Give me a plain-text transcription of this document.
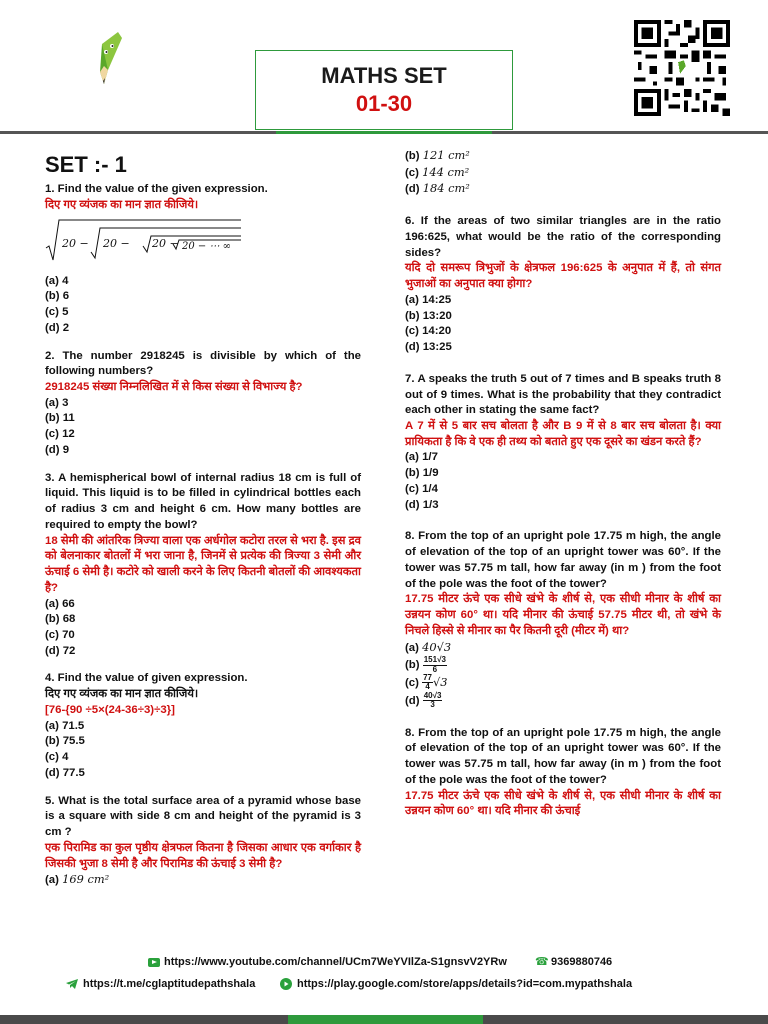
MATHS SET
01-30
SET :- 1
1. Find the value of the given expression.
दिए गए व्यंजक का मान ज्ञात कीजिये।
20 − 20 − 20 − 20 − ⋯ ∞
(a) 4
(b) 6
(c) 5
(d) 2
2. The number 2918245 is divisible by which of the following numbers?
2918245 संख्या निम्नलिखित में से किस संख्या से विभाज्य है?
(a) 3
(b) 11
(c) 12
(d) 9
3. A hemispherical bowl of internal radius 18 cm is full of liquid. This liquid is to be filled in cylindrical bottles each of radius 3 cm and height 6 cm. How many bottles are required to empty the bowl?
18 सेमी की आंतरिक त्रिज्या वाला एक अर्धगोल कटोरा तरल से भरा है. इस द्रव को बेलनाकार बोतलों में भरा जाना है, जिनमें से प्रत्येक की त्रिज्या 3 सेमी और ऊंचाई 6 सेमी है। कटोरे को खाली करने के लिए कितनी बोतलों की आवश्यकता है?
(a) 66
(b) 68
(c) 70
(d) 72
4. Find the value of given expression.
दिए गए व्यंजक का मान ज्ञात कीजिये।
[76-{90 ÷5×(24-36÷3)÷3}]
(a) 71.5
(b) 75.5
(c) 4
(d) 77.5
5. What is the total surface area of a pyramid whose base is a square with side 8 cm and height of the pyramid is 3 cm ?
एक पिरामिड का कुल पृष्ठीय क्षेत्रफल कितना है जिसका आधार एक वर्गाकार है जिसकी भुजा 8 सेमी है और पिरामिड की ऊंचाई 3 सेमी है?
(a) 169 cm²
(b) 121 cm²
(c) 144 cm²
(d) 184 cm²
6. If the areas of two similar triangles are in the ratio 196:625, what would be the ratio of the corresponding sides?
यदि दो समरूप त्रिभुजों के क्षेत्रफल 196:625 के अनुपात में हैं, तो संगत भुजाओं का अनुपात क्या होगा?
(a) 14:25
(b) 13:20
(c) 14:20
(d) 13:25
7. A speaks the truth 5 out of 7 times and B speaks truth 8 out of 9 times. What is the probability that they contradict each other in stating the same fact?
A 7 में से 5 बार सच बोलता है और B 9 में से 8 बार सच बोलता है। क्या प्रायिकता है कि वे एक ही तथ्य को बताते हुए एक दूसरे का खंडन करते हैं?
(a) 1/7
(b) 1/9
(c) 1/4
(d) 1/3
8. From the top of an upright pole 17.75 m high, the angle of elevation of the top of an upright tower was 60°. If the tower was 57.75 m tall, how far away (in m ) from the foot of the pole was the foot of the tower?
17.75 मीटर ऊंचे एक सीधे खंभे के शीर्ष से, एक सीधी मीनार के शीर्ष का उन्नयन कोण 60° था। यदि मीनार की ऊंचाई 57.75 मीटर थी, तो खंभे के निचले हिस्से से मीनार का पैर कितनी दूरी (मीटर में) था?
(a) 40√3
$(b) \frac{151√3}{6}$
$(c) \frac{77}{4} √3$
$(d) \frac{40√3}{3}$
8. From the top of an upright pole 17.75 m high, the angle of elevation of the top of an upright tower was 60°. If the tower was 57.75 m tall, how far away (in m ) from the foot of the pole was the foot of the tower?
17.75 मीटर ऊंचे एक सीधे खंभे के शीर्ष से, एक सीधी मीनार के शीर्ष का उन्नयन कोण 60° था। यदि मीनार की ऊंचाई
https://www.youtube.com/channel/UCm7WeYVIlZa-S1gnsvV2YRw	☎ 9369880746
https://t.me/cglaptitudepathshala	https://play.google.com/store/apps/details?id=com.mypathshala
